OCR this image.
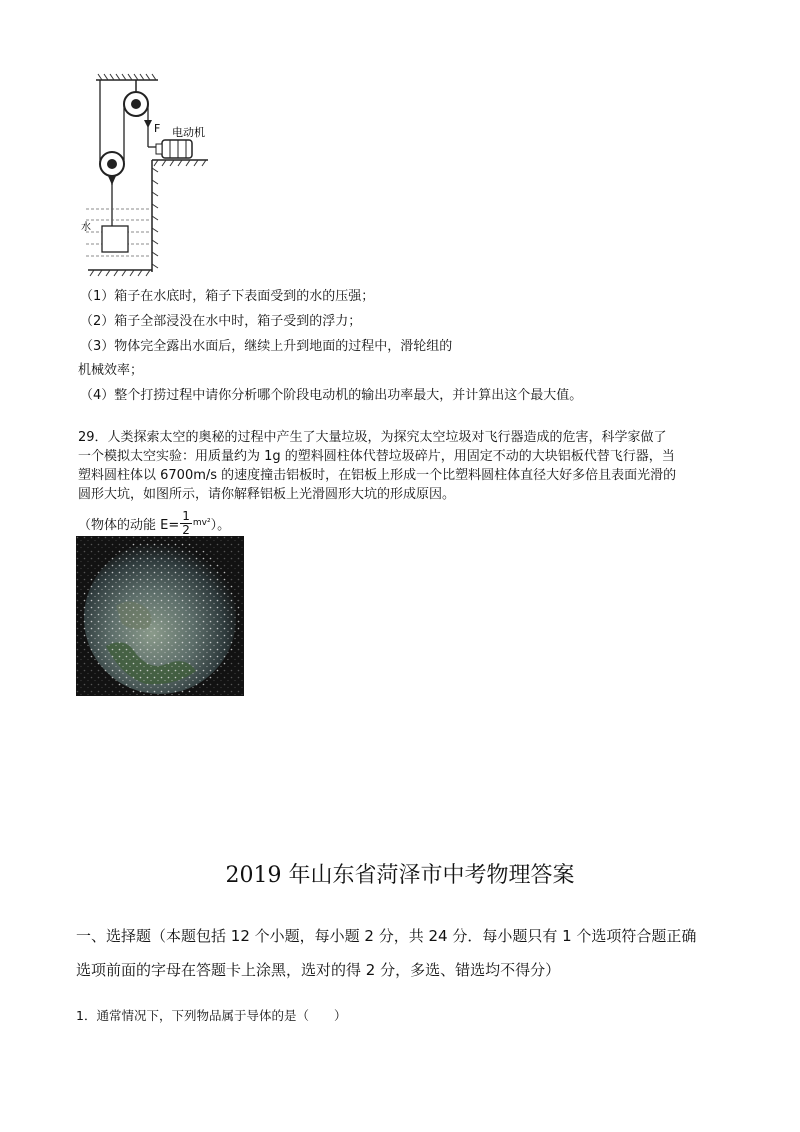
F 电动机
水
（1）箱子在水底时，箱子下表面受到的水的压强；
（2）箱子全部浸没在水中时，箱子受到的浮力；
（3）物体完全露出水面后，继续上升到地面的过程中，滑轮组的
机械效率；
（4）整个打捞过程中请你分析哪个阶段电动机的输出功率最大，并计算出这个最大值。
29．人类探索太空的奥秘的过程中产生了大量垃圾，为探究太空垃圾对飞行器造成的危害，科学家做了
一个模拟太空实验：用质量约为 1g 的塑料圆柱体代替垃圾碎片，用固定不动的大块铝板代替飞行器，当
塑料圆柱体以 6700m/s 的速度撞击铝板时，在铝板上形成一个比塑料圆柱体直径大好多倍且表面光滑的
圆形大坑，如图所示，请你解释铝板上光滑圆形大坑的形成原因。
（物体的动能 $E= \frac{1}{2} mv^2$ ）。
2019 年山东省菏泽市中考物理答案
一、选择题（本题包括 12 个小题，每小题 2 分，共 24 分．每小题只有 1 个选项符合题正确
选项前面的字母在答题卡上涂黑，选对的得 2 分，多选、错选均不得分）
1．通常情况下，下列物品属于导体的是（　　）
